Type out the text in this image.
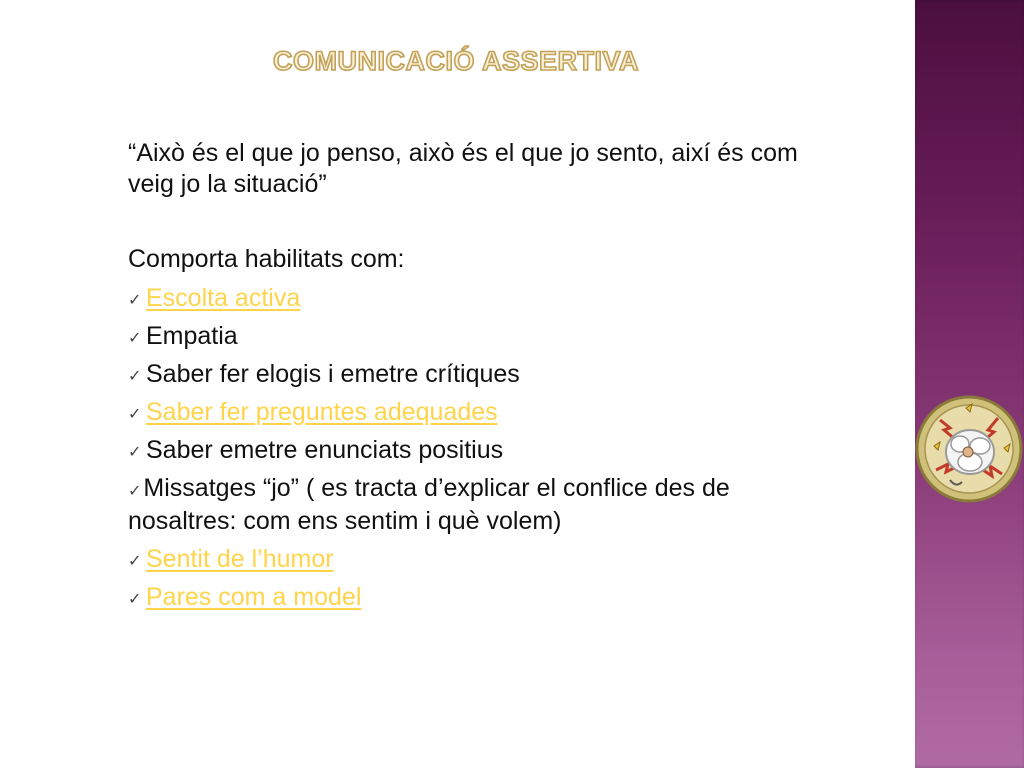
COMUNICACIÓ ASSERTIVA
“Això és el que jo penso, això és el que jo sento, així és com veig jo la situació”
Comporta habilitats com:
✓ Escolta activa
✓ Empatia
✓ Saber fer elogis i emetre crítiques
✓ Saber fer preguntes adequades
✓ Saber emetre enunciats positius
✓Missatges “jo” ( es tracta d’explicar el conflice des de nosaltres: com ens sentim i què volem)
✓ Sentit de l’humor
✓ Pares com a model
